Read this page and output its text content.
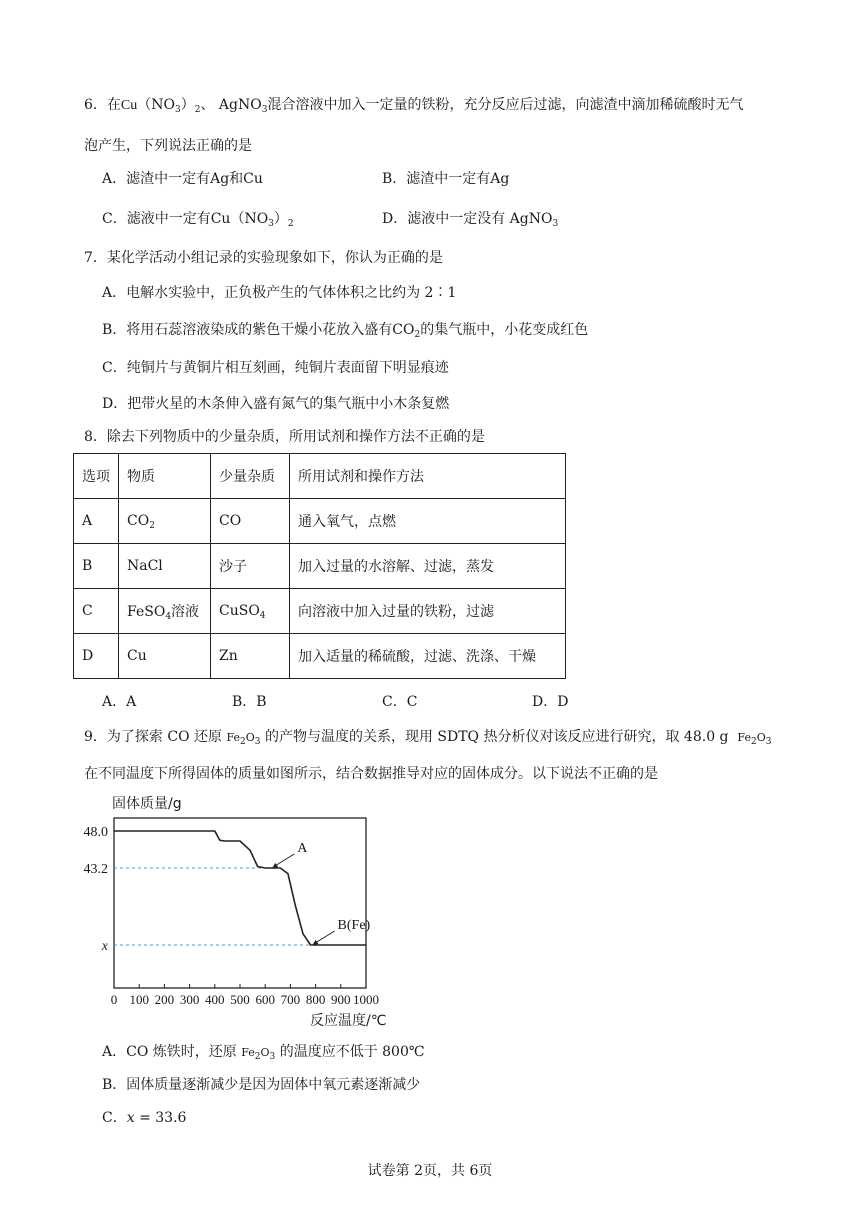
6．在$Cu(NO_3)_2$、 AgNO$_3$混合溶液中加入一定量的铁粉，充分反应后过滤，向滤渣中滴加稀硫酸时无气
泡产生，下列说法正确的是
A．滤渣中一定有Ag和Cu	B．滤渣中一定有Ag
C．滤液中一定有$Cu(NO_3)_2$	D．滤液中一定没有 AgNO$_3$
7．某化学活动小组记录的实验现象如下，你认为正确的是
A．电解水实验中，正负极产生的气体体积之比约为 2∶1
B．将用石蕊溶液染成的紫色干燥小花放入盛有$CO_2$的集气瓶中，小花变成红色
C．纯铜片与黄铜片相互刻画，纯铜片表面留下明显痕迹
D．把带火星的木条伸入盛有氮气的集气瓶中小木条复燃
8．除去下列物质中的少量杂质，所用试剂和操作方法不正确的是
选项	物质	少量杂质	所用试剂和操作方法
A	$CO_2$	CO	通入氧气，点燃
B	NaCl	沙子	加入过量的水溶解、过滤，蒸发
C	FeSO$_4$溶液	CuSO$_4$	向溶液中加入过量的铁粉，过滤
D	Cu	Zn	加入适量的稀硫酸，过滤、洗涤、干燥
A．A	B．B	C．C	D．D
9．为了探索 CO 还原 $Fe_2O_3$ 的产物与温度的关系，现用 SDTQ 热分析仪对该反应进行研究，取 48.0 g $Fe_2O_3$
在不同温度下所得固体的质量如图所示，结合数据推导对应的固体成分。以下说法不正确的是
固体质量/g
反应温度/℃
0 100 200 300 400 500 600 700 800 900 1000
48.0
43.2
x
A
B(Fe)
A．CO 炼铁时，还原 $Fe_2O_3$ 的温度应不低于 800℃
B．固体质量逐渐减少是因为固体中氧元素逐渐减少
C．x = 33.6
试卷第 2页，共 6页
